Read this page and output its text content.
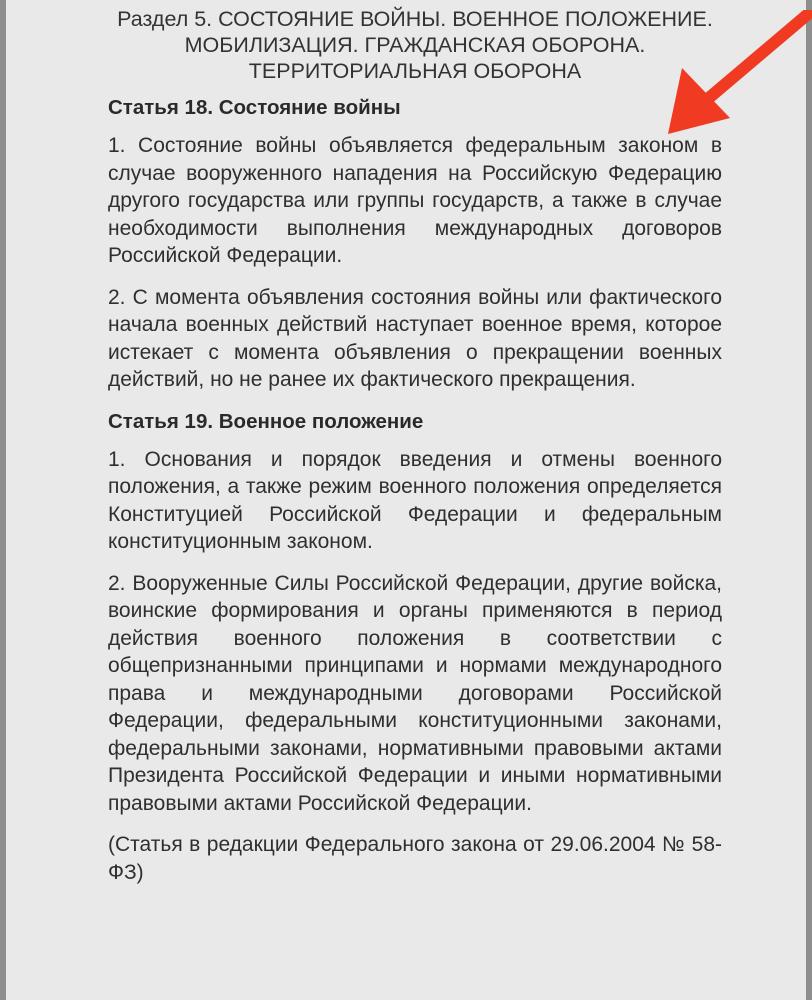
Раздел 5. СОСТОЯНИЕ ВОЙНЫ. ВОЕННОЕ ПОЛОЖЕНИЕ. МОБИЛИЗАЦИЯ. ГРАЖДАНСКАЯ ОБОРОНА. ТЕРРИТОРИАЛЬНАЯ ОБОРОНА
Статья 18. Состояние войны
1. Состояние войны объявляется федеральным законом в случае вооруженного нападения на Российскую Федерацию другого государства или группы государств, а также в случае необходимости выполнения международных договоров Российской Федерации.
2. С момента объявления состояния войны или фактического начала военных действий наступает военное время, которое истекает с момента объявления о прекращении военных действий, но не ранее их фактического прекращения.
Статья 19. Военное положение
1. Основания и порядок введения и отмены военного положения, а также режим военного положения определяется Конституцией Российской Федерации и федеральным конституционным законом.
2. Вооруженные Силы Российской Федерации, другие войска, воинские формирования и органы применяются в период действия военного положения в соответствии с общепризнанными принципами и нормами международного права и международными договорами Российской Федерации, федеральными конституционными законами, федеральными законами, нормативными правовыми актами Президента Российской Федерации и иными нормативными правовыми актами Российской Федерации.
(Статья в редакции Федерального закона от 29.06.2004 № 58-ФЗ)
